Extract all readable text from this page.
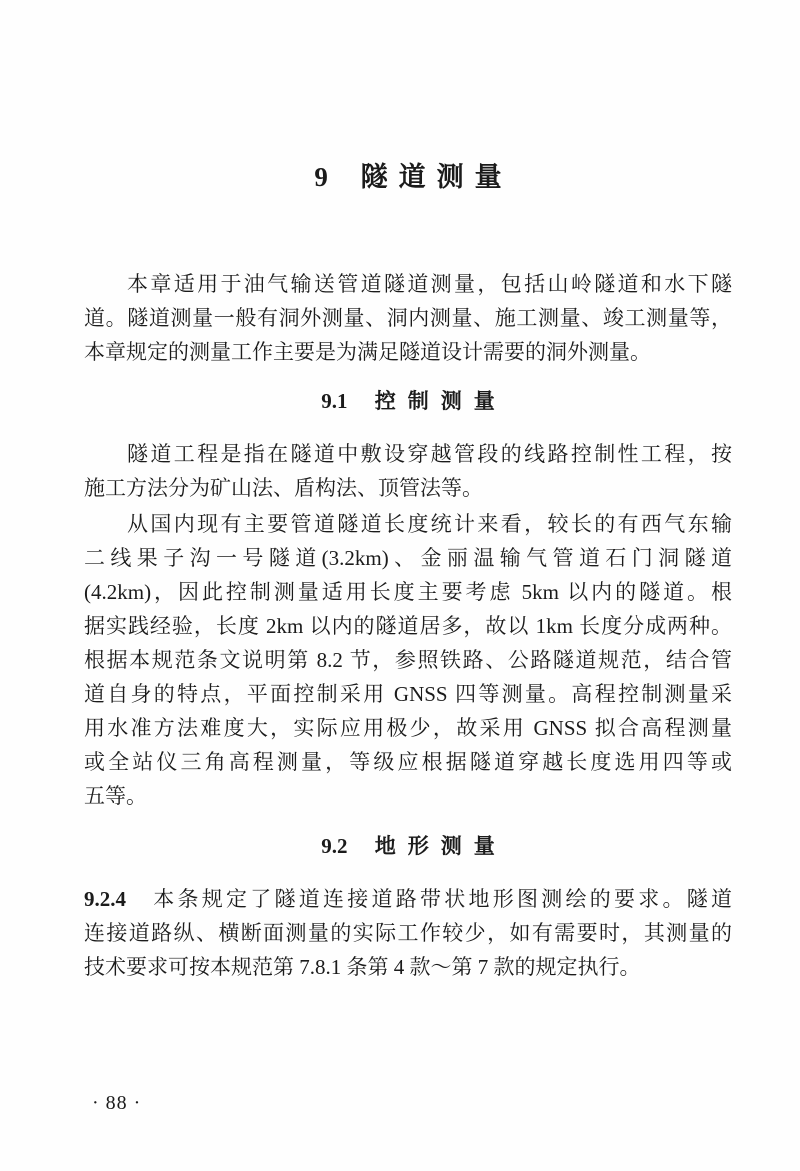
9 隧道测量
本章适用于油气输送管道隧道测量，包括山岭隧道和水下隧
道。隧道测量一般有洞外测量、洞内测量、施工测量、竣工测量等，
本章规定的测量工作主要是为满足隧道设计需要的洞外测量。
9.1 控制测量
隧道工程是指在隧道中敷设穿越管段的线路控制性工程，按
施工方法分为矿山法、盾构法、顶管法等。
从国内现有主要管道隧道长度统计来看，较长的有西气东输
二线果子沟一号隧道(3.2km)、金丽温输气管道石门洞隧道
(4.2km)，因此控制测量适用长度主要考虑 5km 以内的隧道。根
据实践经验，长度 2km 以内的隧道居多，故以 1km 长度分成两种。
根据本规范条文说明第 8.2 节，参照铁路、公路隧道规范，结合管
道自身的特点，平面控制采用 GNSS 四等测量。高程控制测量采
用水准方法难度大，实际应用极少，故采用 GNSS 拟合高程测量
或全站仪三角高程测量，等级应根据隧道穿越长度选用四等或
五等。
9.2 地形测量
9.2.4 本条规定了隧道连接道路带状地形图测绘的要求。隧道
连接道路纵、横断面测量的实际工作较少，如有需要时，其测量的
技术要求可按本规范第 7.8.1 条第 4 款～第 7 款的规定执行。
· 88 ·
